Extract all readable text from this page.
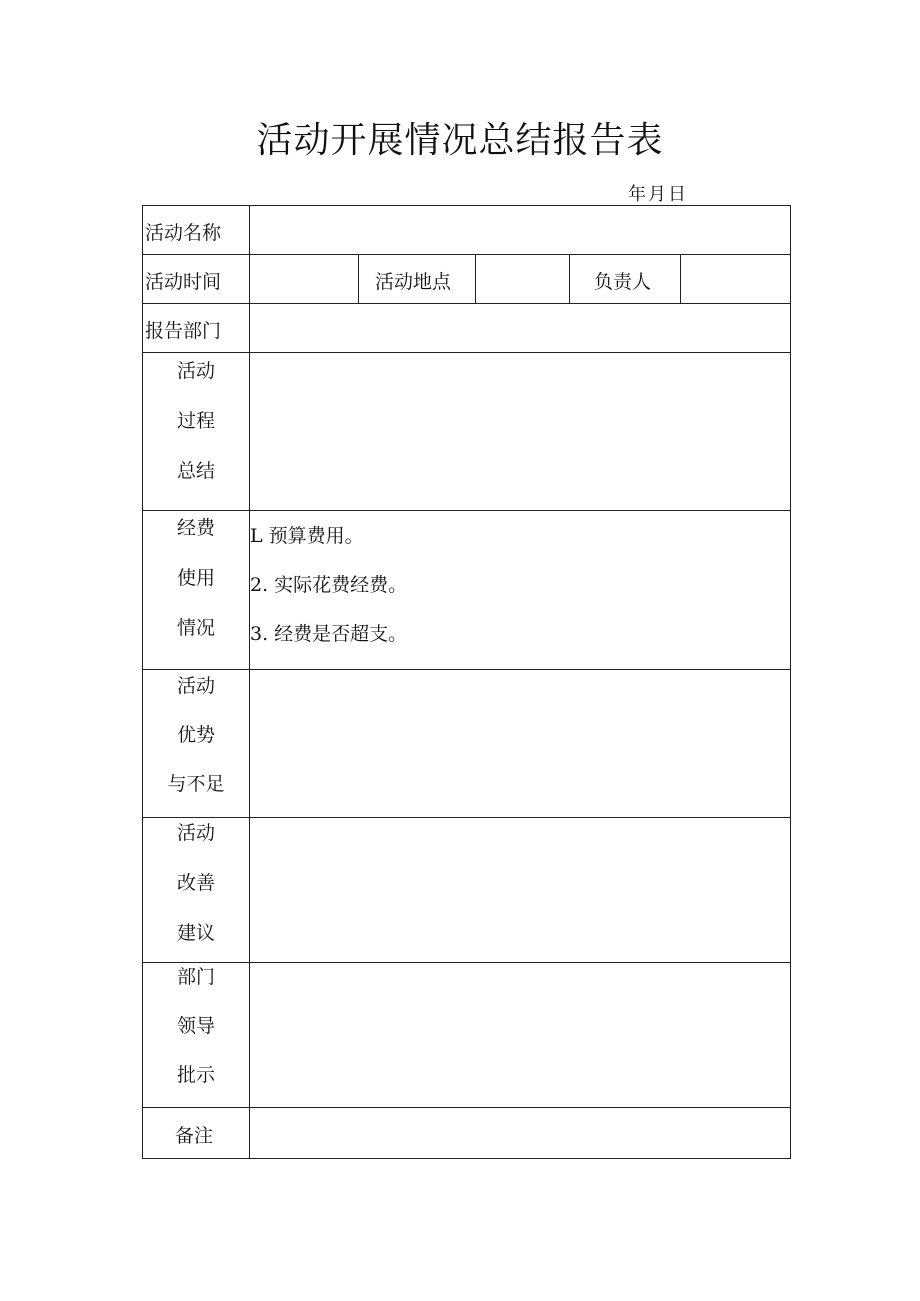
活动开展情况总结报告表
年月日
活动名称
活动时间	活动地点	负责人
报告部门
活动
过程
总结
经费
使用
情况
L 预算费用。
2. 实际花费经费。
3. 经费是否超支。
活动
优势
与不足
活动
改善
建议
部门
领导
批示
备注
